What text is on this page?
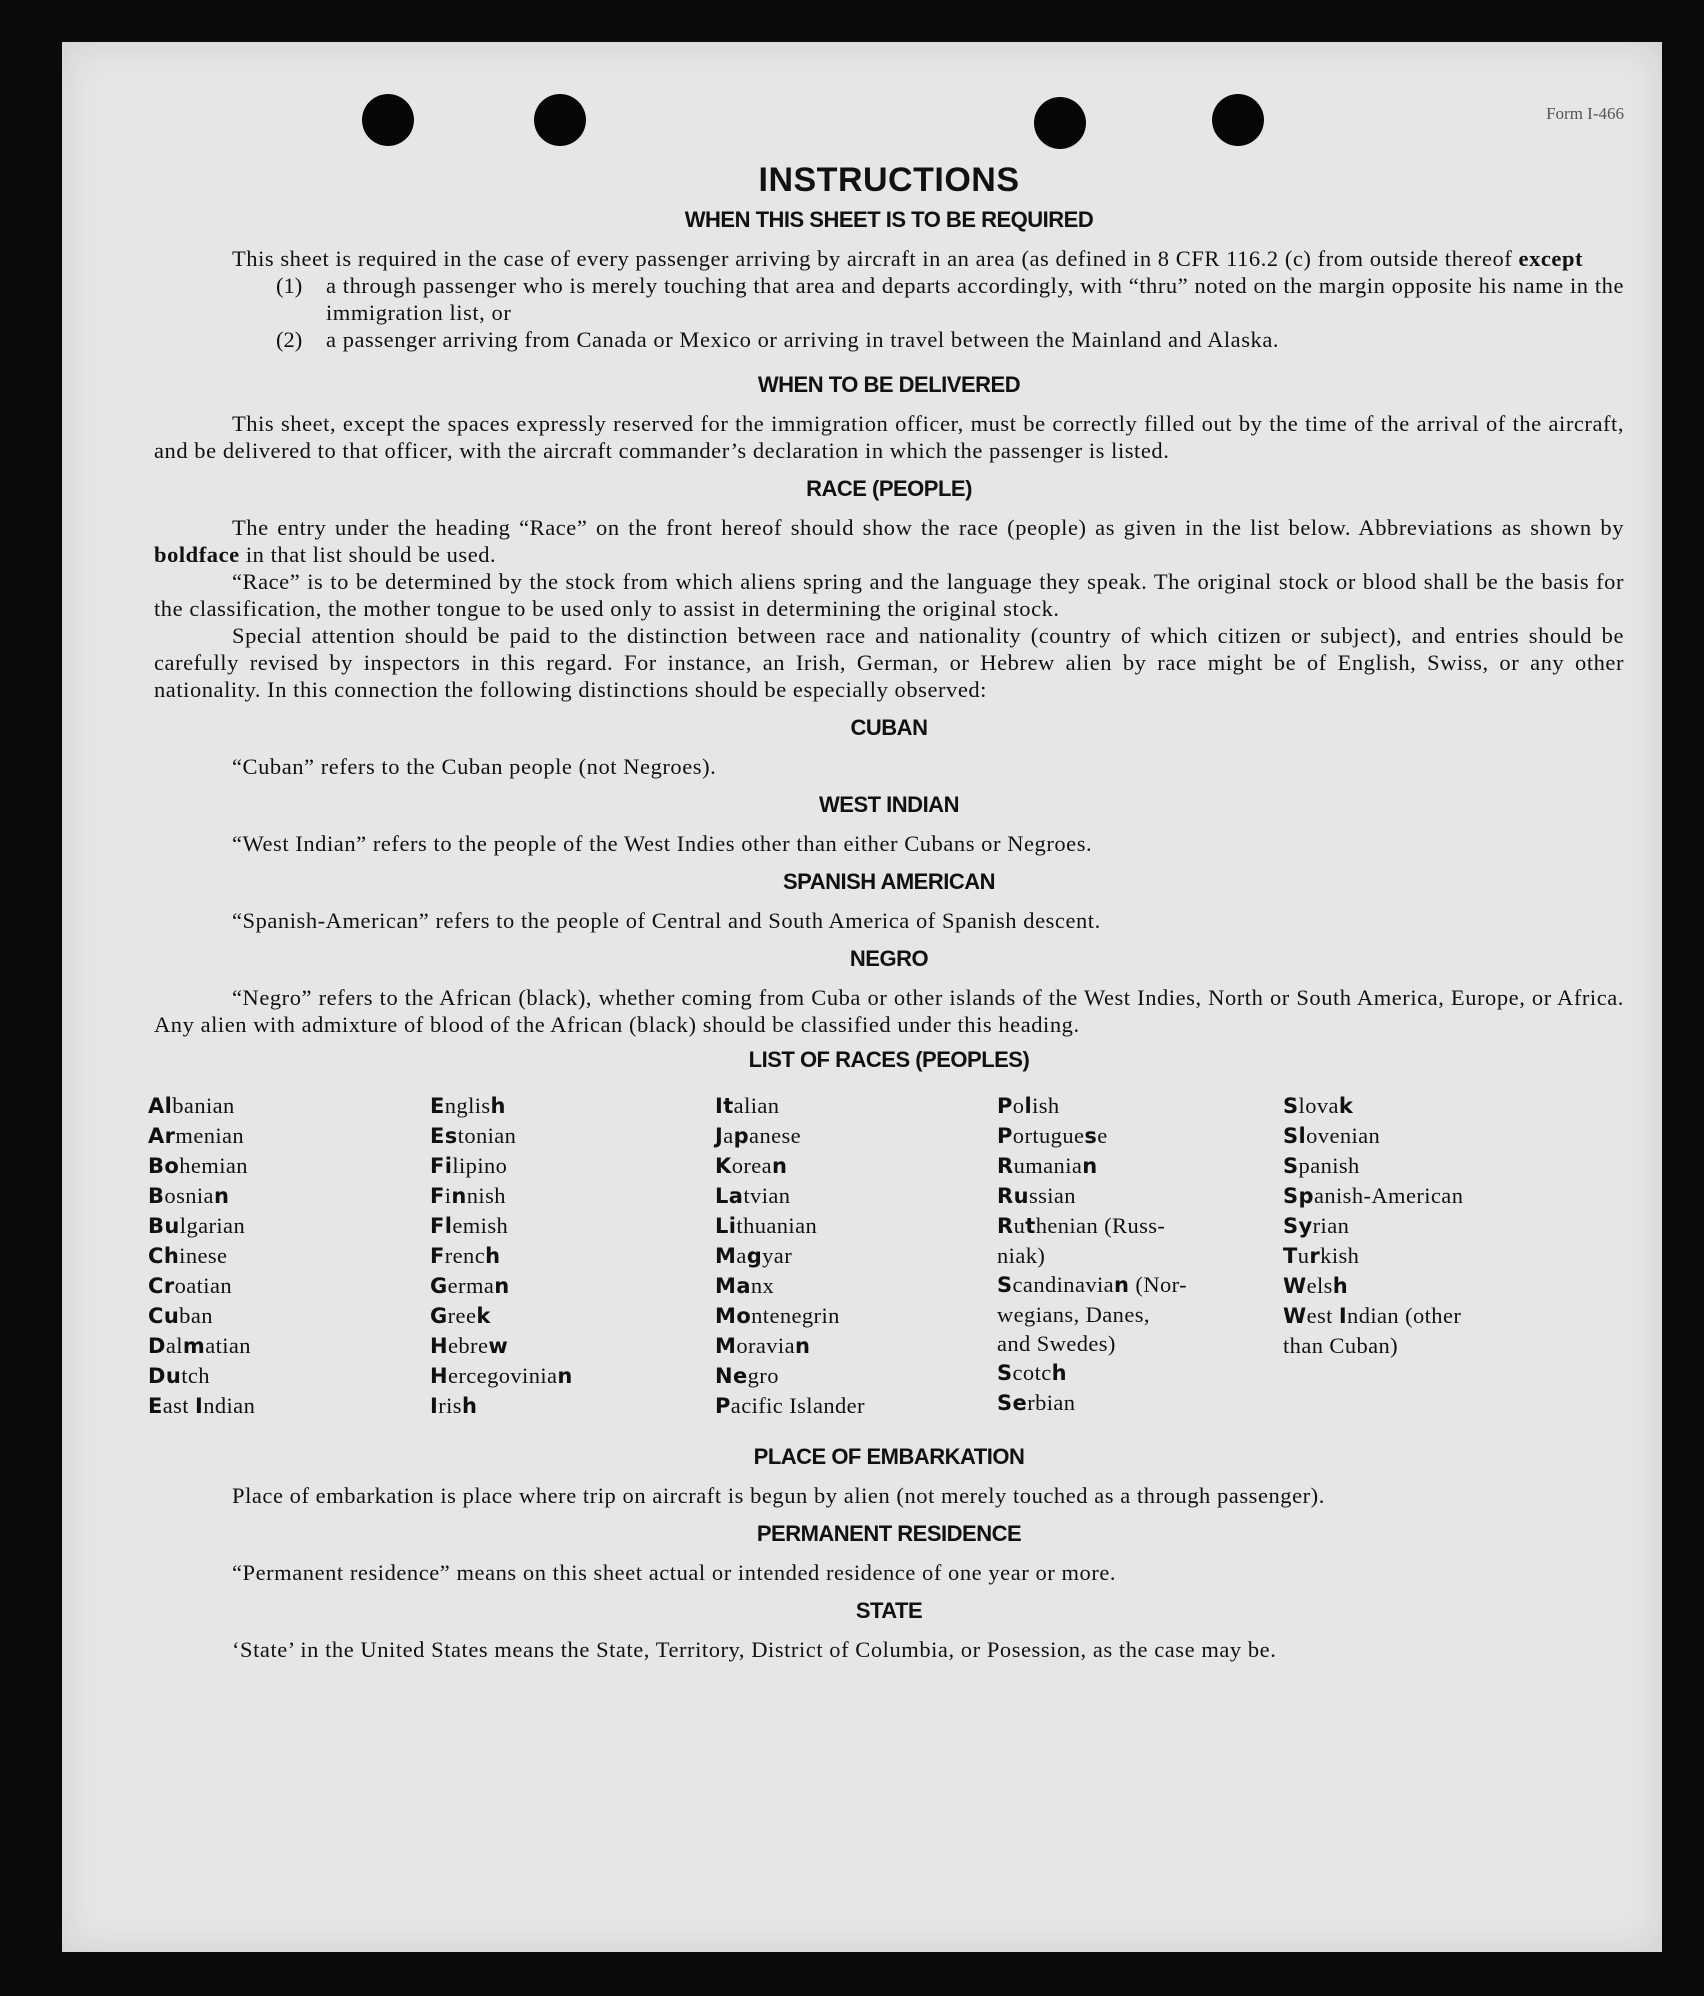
Form I-466
INSTRUCTIONS
WHEN THIS SHEET IS TO BE REQUIRED

This sheet is required in the case of every passenger arriving by aircraft in an area (as defined in 8 CFR 116.2 (c) from outside thereof except

(1)	a through passenger who is merely touching that area and departs accordingly, with “thru” noted on the margin opposite his name in the immigration list, or
(2)	a passenger arriving from Canada or Mexico or arriving in travel between the Mainland and Alaska.
WHEN TO BE DELIVERED

This sheet, except the spaces expressly reserved for the immigration officer, must be correctly filled out by the time of the arrival of the aircraft, and be delivered to that officer, with the aircraft commander’s declaration in which the passenger is listed.

RACE (PEOPLE)

The entry under the heading “Race” on the front hereof should show the race (people) as given in the list below. Abbreviations as shown by boldface in that list should be used.

“Race” is to be determined by the stock from which aliens spring and the language they speak. The original stock or blood shall be the basis for the classification, the mother tongue to be used only to assist in determining the original stock.

Special attention should be paid to the distinction between race and nationality (country of which citizen or subject), and entries should be carefully revised by inspectors in this regard. For instance, an Irish, German, or Hebrew alien by race might be of English, Swiss, or any other nationality. In this connection the following distinctions should be especially observed:

CUBAN

“Cuban” refers to the Cuban people (not Negroes).

WEST INDIAN

“West Indian” refers to the people of the West Indies other than either Cubans or Negroes.

SPANISH AMERICAN

“Spanish-American” refers to the people of Central and South America of Spanish descent.

NEGRO

“Negro” refers to the African (black), whether coming from Cuba or other islands of the West Indies, North or South America, Europe, or Africa. Any alien with admixture of blood of the African (black) should be classified under this heading.

LIST OF RACES (PEOPLES)
Albanian
Armenian
Bohemian
Bosnian
Bulgarian
Chinese
Croatian
Cuban
Dalmatian
Dutch
East Indian
English
Estonian
Filipino
Finnish
Flemish
French
German
Greek
Hebrew
Hercegovinian
Irish
Italian
Japanese
Korean
Latvian
Lithuanian
Magyar
Manx
Montenegrin
Moravian
Negro
Pacific Islander
Polish
Portuguese
Rumanian
Russian
Ruthenian (Russ-
niak)
Scandinavian (Nor-
wegians, Danes,
and Swedes)
Scotch
Serbian
Slovak
Slovenian
Spanish
Spanish-American
Syrian
Turkish
Welsh
West Indian (other
than Cuban)
PLACE OF EMBARKATION

Place of embarkation is place where trip on aircraft is begun by alien (not merely touched as a through passenger).

PERMANENT RESIDENCE

“Permanent residence” means on this sheet actual or intended residence of one year or more.

STATE

‘State’ in the United States means the State, Territory, District of Columbia, or Posession, as the case may be.
